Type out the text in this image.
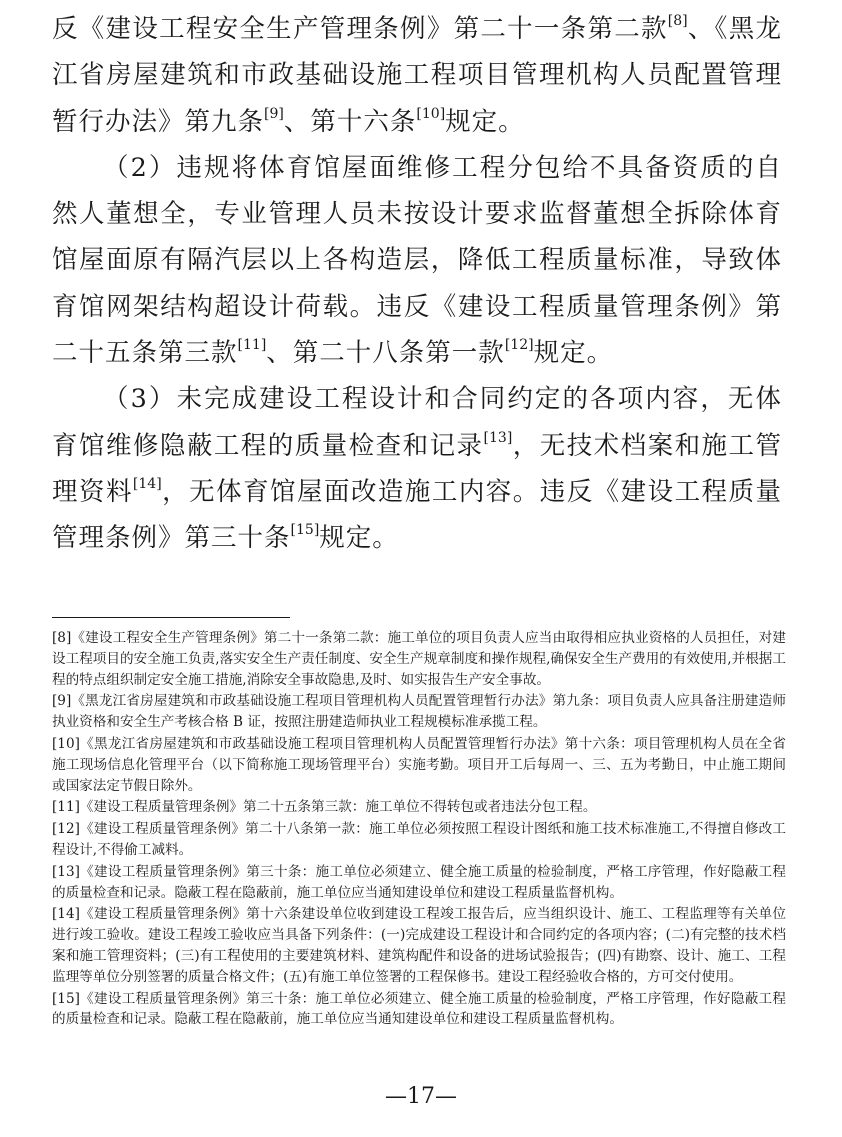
反《建设工程安全生产管理条例》第二十一条第二款[8]、《黑龙江省房屋建筑和市政基础设施工程项目管理机构人员配置管理暂行办法》第九条[9]、第十六条[10]规定。

（2）违规将体育馆屋面维修工程分包给不具备资质的自然人董想全，专业管理人员未按设计要求监督董想全拆除体育馆屋面原有隔汽层以上各构造层，降低工程质量标准，导致体育馆网架结构超设计荷载。违反《建设工程质量管理条例》第二十五条第三款[11]、第二十八条第一款[12]规定。

（3）未完成建设工程设计和合同约定的各项内容，无体育馆维修隐蔽工程的质量检查和记录[13]，无技术档案和施工管理资料[14]，无体育馆屋面改造施工内容。违反《建设工程质量管理条例》第三十条[15]规定。

[8]《建设工程安全生产管理条例》第二十一条第二款：施工单位的项目负责人应当由取得相应执业资格的人员担任，对建设工程项目的安全施工负责,落实安全生产责任制度、安全生产规章制度和操作规程,确保安全生产费用的有效使用,并根据工程的特点组织制定安全施工措施,消除安全事故隐患,及时、如实报告生产安全事故。

[9]《黑龙江省房屋建筑和市政基础设施工程项目管理机构人员配置管理暂行办法》第九条：项目负责人应具备注册建造师执业资格和安全生产考核合格 B 证，按照注册建造师执业工程规模标准承揽工程。

[10]《黑龙江省房屋建筑和市政基础设施工程项目管理机构人员配置管理暂行办法》第十六条：项目管理机构人员在全省施工现场信息化管理平台（以下简称施工现场管理平台）实施考勤。项目开工后每周一、三、五为考勤日，中止施工期间或国家法定节假日除外。

[11]《建设工程质量管理条例》第二十五条第三款：施工单位不得转包或者违法分包工程。

[12]《建设工程质量管理条例》第二十八条第一款：施工单位必须按照工程设计图纸和施工技术标准施工,不得擅自修改工程设计,不得偷工减料。

[13]《建设工程质量管理条例》第三十条：施工单位必须建立、健全施工质量的检验制度，严格工序管理，作好隐蔽工程的质量检查和记录。隐蔽工程在隐蔽前，施工单位应当通知建设单位和建设工程质量监督机构。

[14]《建设工程质量管理条例》第十六条建设单位收到建设工程竣工报告后，应当组织设计、施工、工程监理等有关单位进行竣工验收。建设工程竣工验收应当具备下列条件：(一)完成建设工程设计和合同约定的各项内容；(二)有完整的技术档案和施工管理资料；(三)有工程使用的主要建筑材料、建筑构配件和设备的进场试验报告；(四)有勘察、设计、施工、工程监理等单位分别签署的质量合格文件；(五)有施工单位签署的工程保修书。建设工程经验收合格的，方可交付使用。

[15]《建设工程质量管理条例》第三十条：施工单位必须建立、健全施工质量的检验制度，严格工序管理，作好隐蔽工程的质量检查和记录。隐蔽工程在隐蔽前，施工单位应当通知建设单位和建设工程质量监督机构。

—17—
